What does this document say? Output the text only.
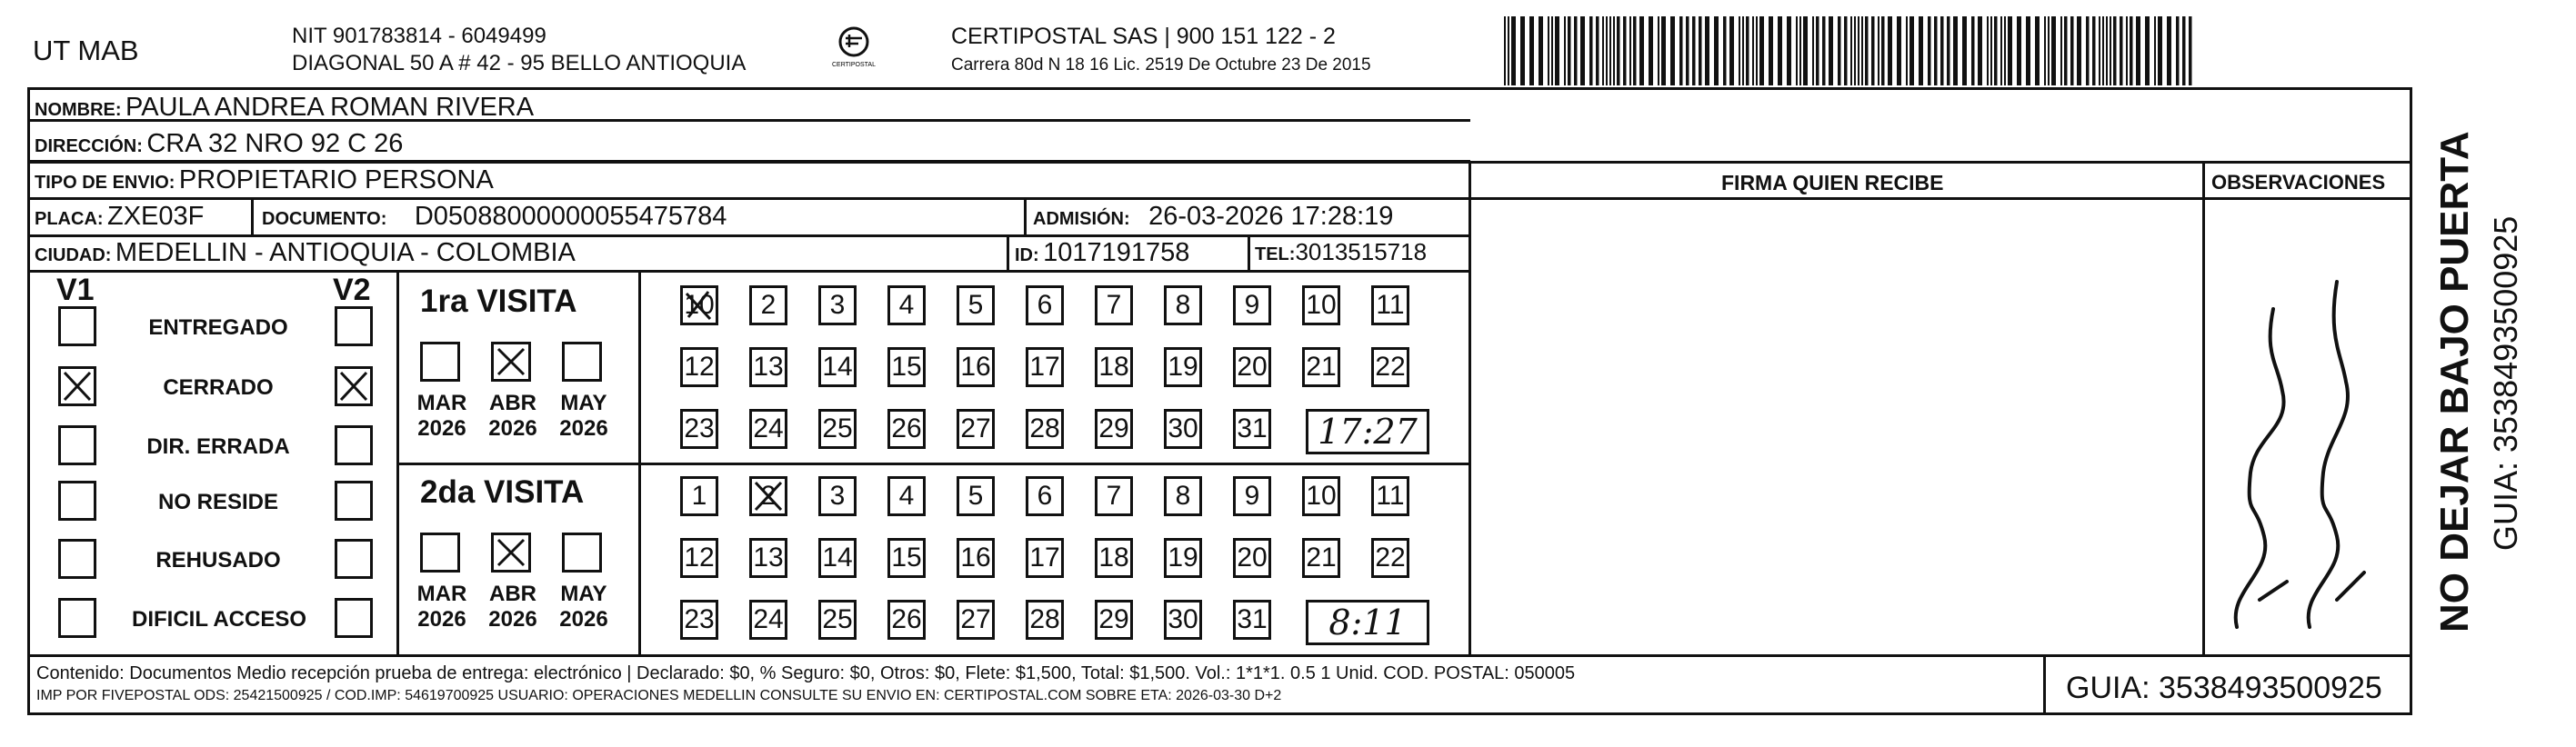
UT MAB	NIT 901783814 - 6049499
DIAGONAL 50 A # 42 - 95 BELLO ANTIOQUIA	CERTIPOSTAL
CERTIPOSTAL SAS | 900 151 122 - 2
Carrera 80d N 18 16 Lic. 2519 De Octubre 23 De 2015
NOMBRE: PAULA ANDREA ROMAN RIVERA
DIRECCIÓN: CRA 32 NRO 92 C 26
TIPO DE ENVIO: PROPIETARIO PERSONA
PLACA: ZXE03F	DOCUMENTO: D05088000000055475784	ADMISIÓN: 26-03-2026 17:28:19
CIUDAD: MEDELLIN - ANTIOQUIA - COLOMBIA	ID: 1017191758	TEL:3013515718
FIRMA QUIEN RECIBE	OBSERVACIONES
V1	V2
ENTREGADO
CERRADO
DIR. ERRADA
NO RESIDE
REHUSADO
DIFICIL ACCESO
1ra VISITA
MAR
2026
ABR
2026
MAY
2026
10 2 3 4 5 6 7 8 9 10 11
12 13 14 15 16 17 18 19 20 21 22
23 24 25 26 27 28 29 30 31 17:27
2da VISITA
MAR
2026
ABR
2026
MAY
2026
1 2 3 4 5 6 7 8 9 10 11
12 13 14 15 16 17 18 19 20 21 22
23 24 25 26 27 28 29 30 31 8:11
Contenido: Documentos Medio recepción prueba de entrega: electrónico | Declarado: $0, % Seguro: $0, Otros: $0, Flete: $1,500, Total: $1,500. Vol.: 1*1*1. 0.5 1 Unid. COD. POSTAL: 050005
IMP POR FIVEPOSTAL ODS: 25421500925 / COD.IMP: 54619700925 USUARIO: OPERACIONES MEDELLIN CONSULTE SU ENVIO EN: CERTIPOSTAL.COM SOBRE ETA: 2026-03-30 D+2	GUIA: 3538493500925
NO DEJAR BAJO PUERTA GUIA: 3538493500925
